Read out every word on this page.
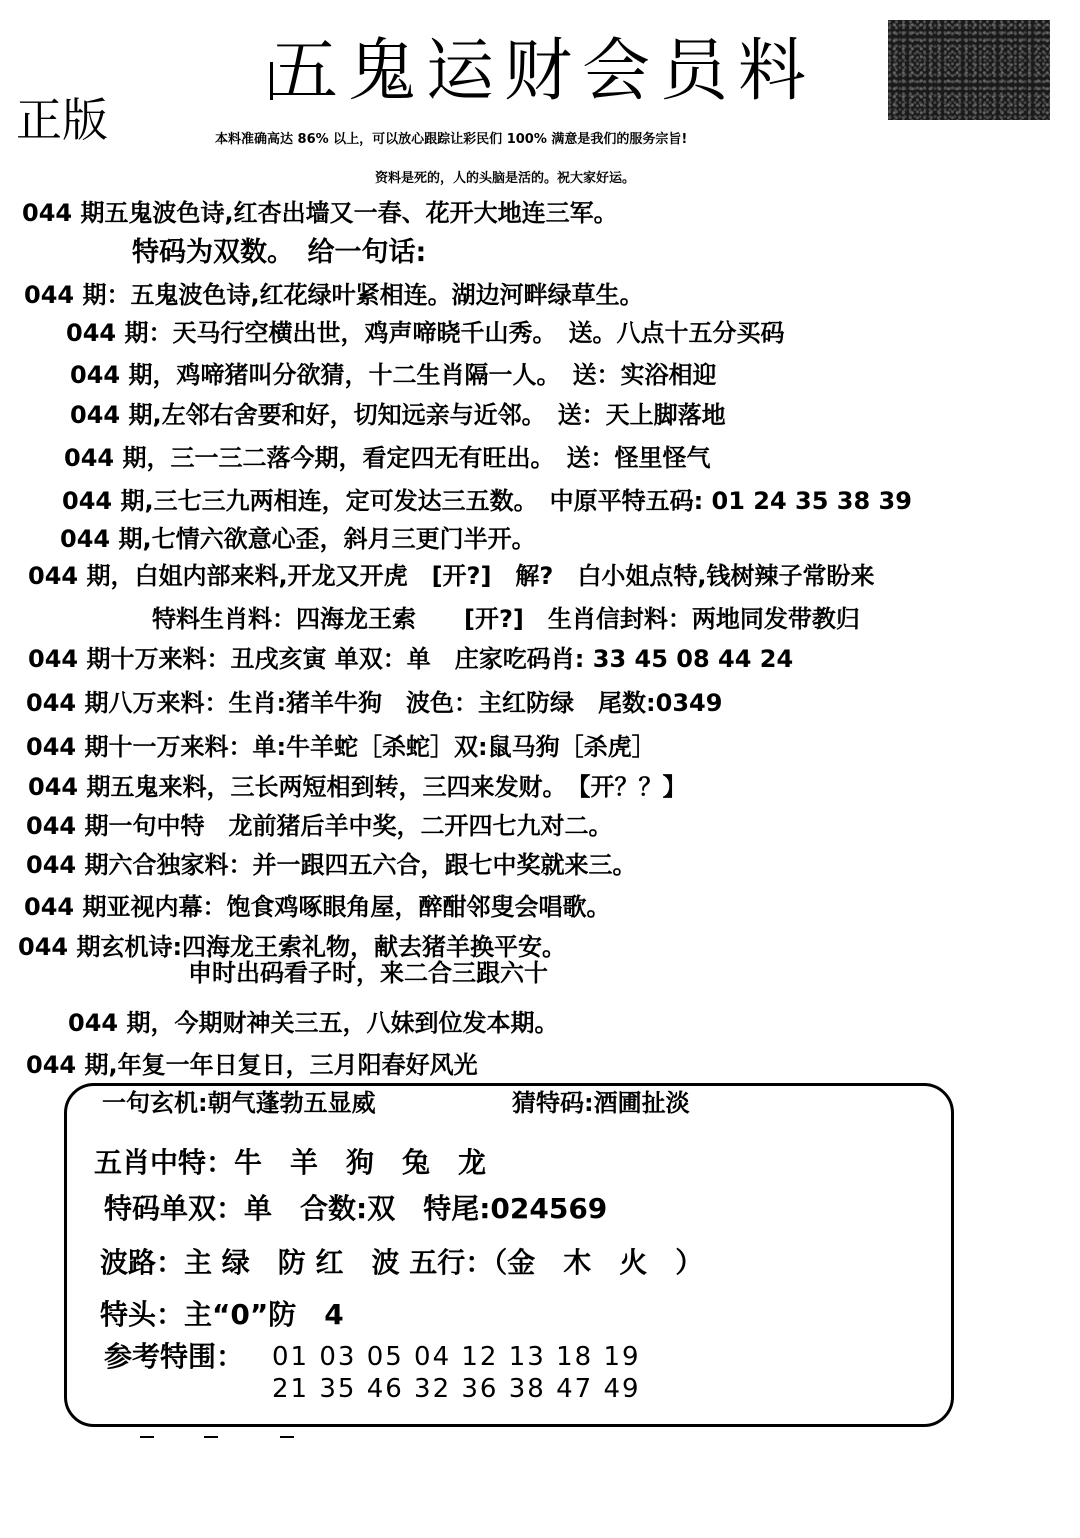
五鬼运财会员料
正版	本料准确高达 86% 以上，可以放心跟踪让彩民们 100% 满意是我们的服务宗旨!
资料是死的，人的头脑是活的。祝大家好运。
044 期五鬼波色诗,红杏出墙又一春、花开大地连三军。
特码为双数。　给一句话:
044 期：五鬼波色诗,红花绿叶紧相连。湖边河畔绿草生。
044 期：天马行空横出世，鸡声啼晓千山秀。　送。八点十五分买码
044 期，鸡啼猪叫分欲猜，十二生肖隔一人。　送：实浴相迎
044 期,左邻右舍要和好，切知远亲与近邻。　送：天上脚落地
044 期，三一三二落今期，看定四无有旺出。　送：怪里怪气
044 期,三七三九两相连，定可发达三五数。　中原平特五码: 01 24 35 38 39
044 期,七情六欲意心歪，斜月三更门半开。
044 期，白姐内部来料,开龙又开虎　[开?]　解?　白小姐点特,钱树辣子常盼来
特料生肖料：四海龙王索　　[开?]　生肖信封料：两地同发带教归
044 期十万来料：丑戌亥寅 单双：单　庄家吃码肖: 33 45 08 44 24
044 期八万来料：生肖:猪羊牛狗　波色：主红防绿　尾数:0349
044 期十一万来料：单:牛羊蛇［杀蛇］双:鼠马狗［杀虎］
044 期五鬼来料，三长两短相到转，三四来发财。　【开？？】
044 期一句中特　龙前猪后羊中奖，二开四七九对二。
044 期六合独家料：并一跟四五六合，跟七中奖就来三。
044 期亚视内幕：饱食鸡啄眼角屋，醉酣邻叟会唱歌。
044 期玄机诗:四海龙王索礼物，献去猪羊换平安。
申时出码看子时，来二合三跟六十
044 期，今期财神关三五，八妹到位发本期。
044 期,年复一年日复日，三月阳春好风光
一句玄机:朝气蓬勃五显威	猜特码:酒圃扯淡
五肖中特：牛　羊　狗　兔　龙
特码单双：单　合数:双　特尾:024569
波路：主 绿　防 红　波 五行：（金　木　火　）
特头：主“0”防　4
参考特围： 01 03 05 04 12 13 18 19
21 35 46 32 36 38 47 49
